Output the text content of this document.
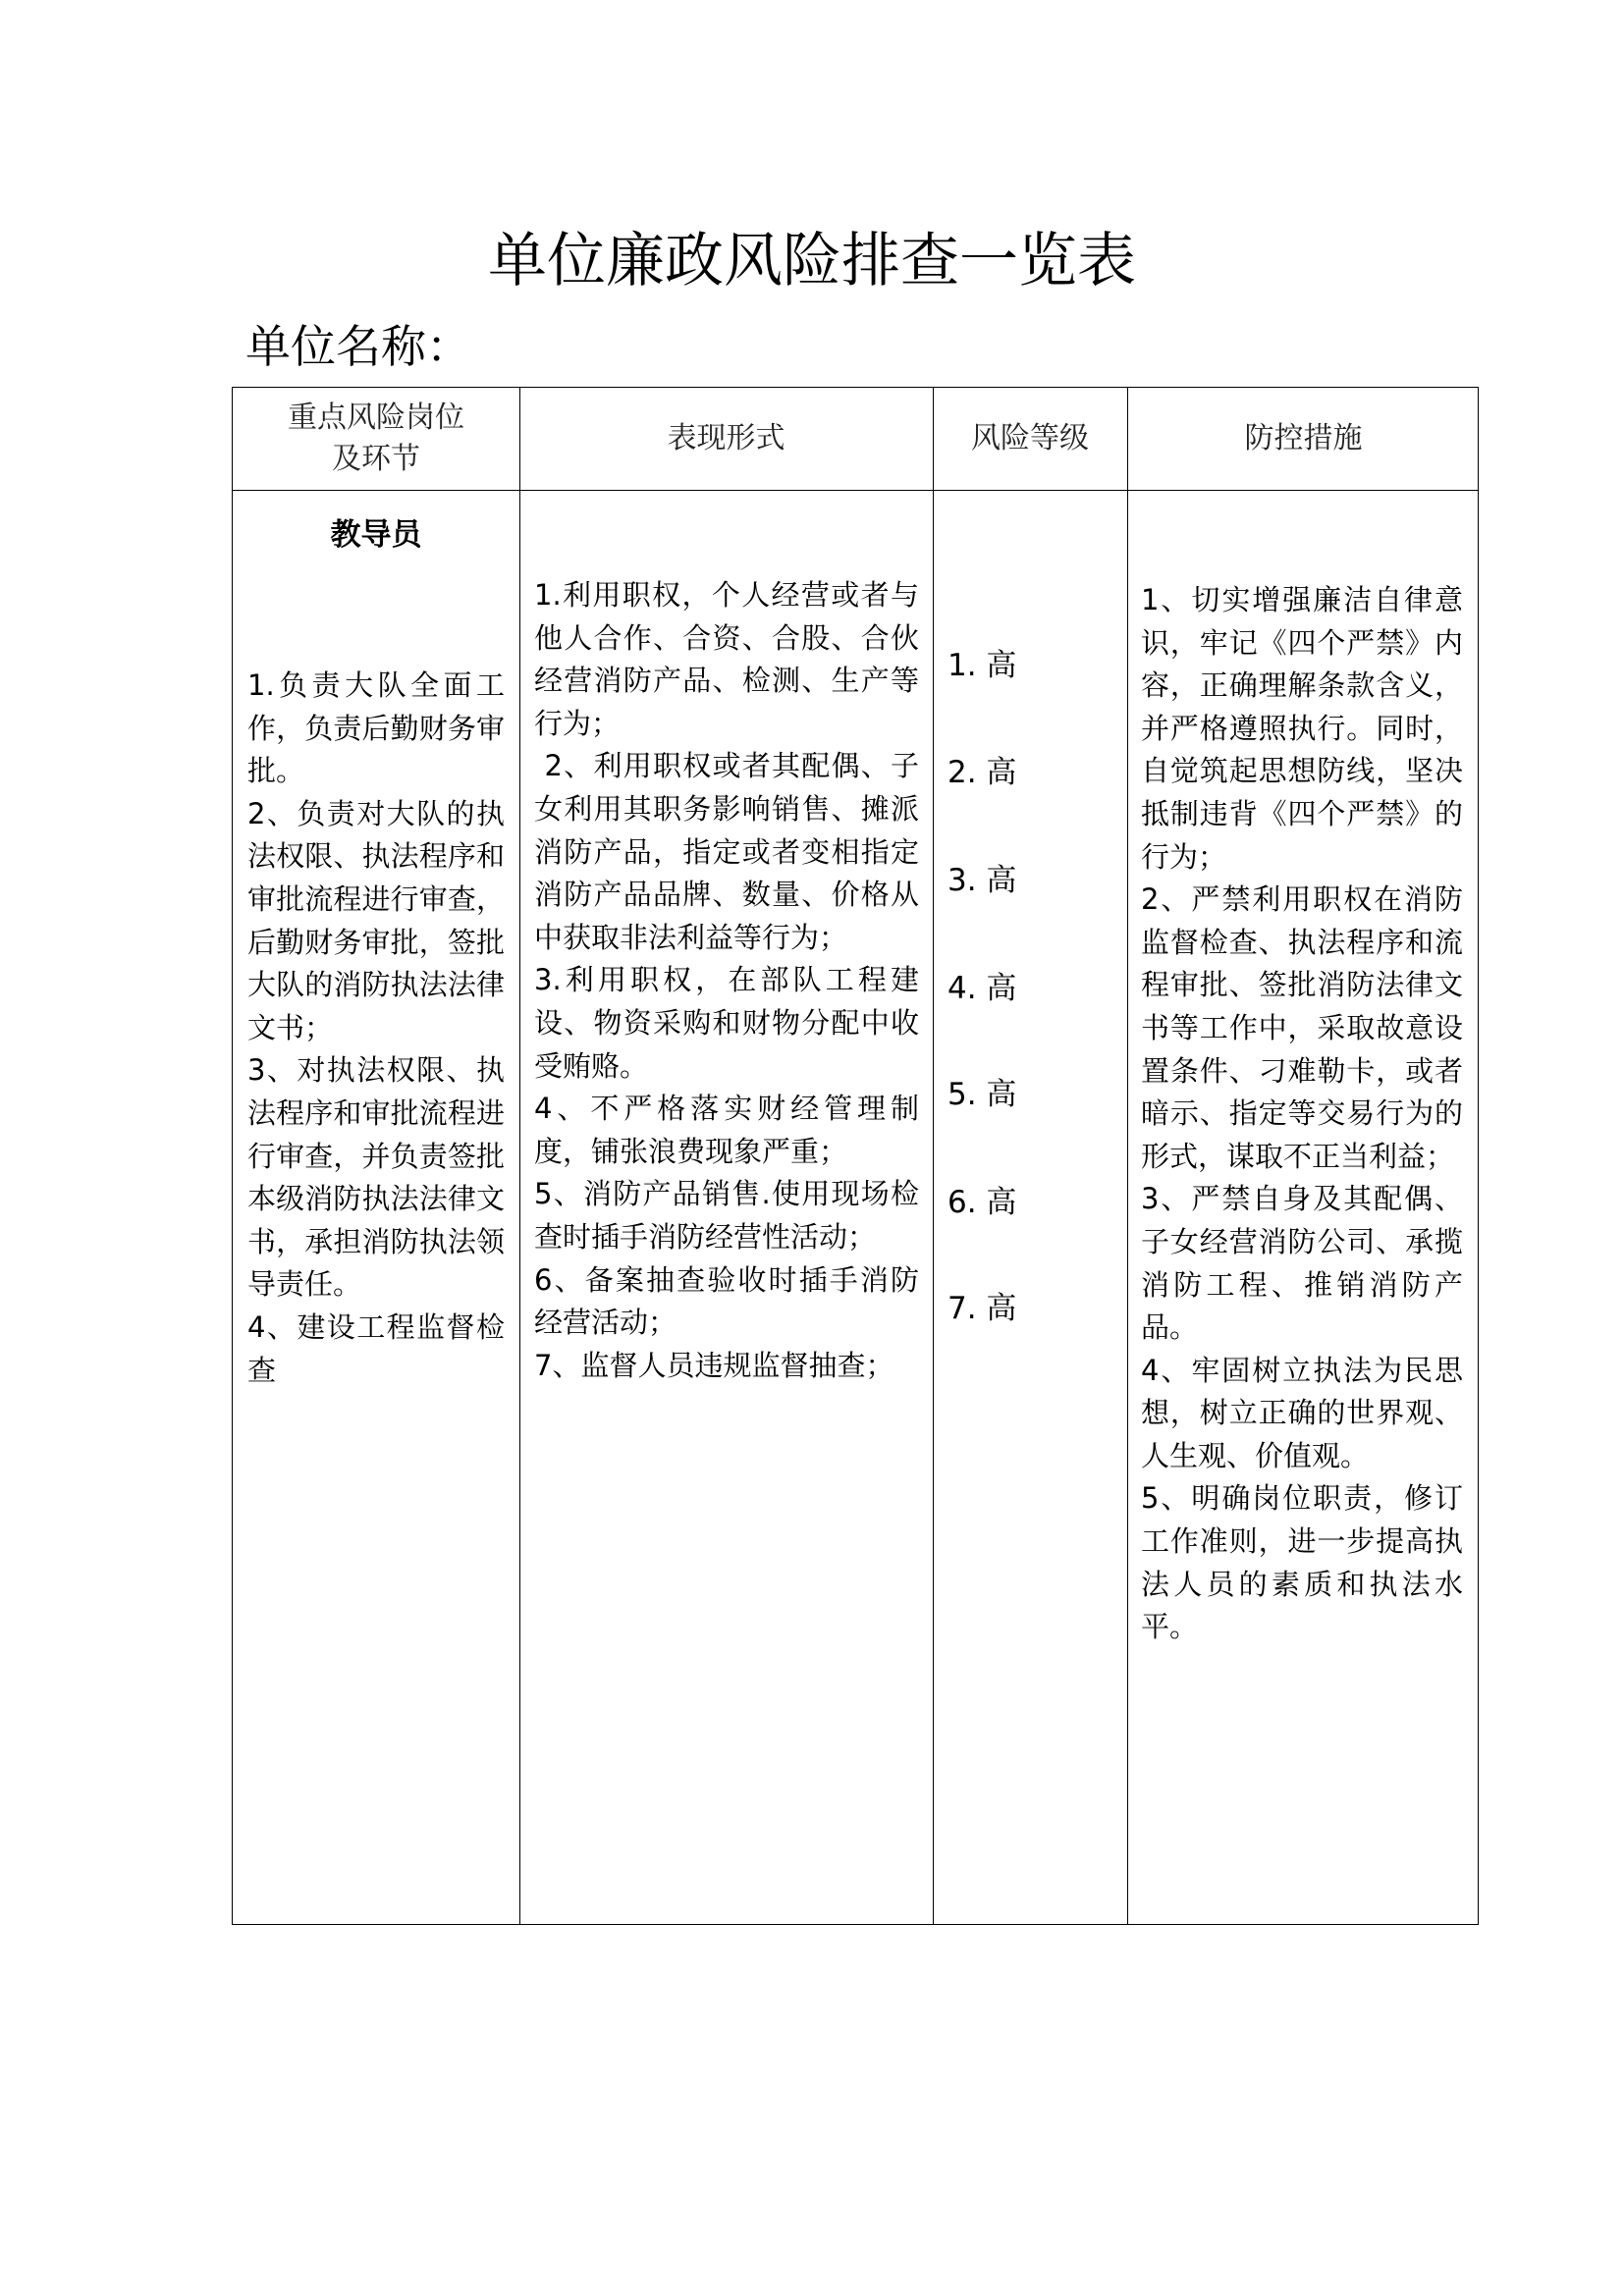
单位廉政风险排查一览表
单位名称：
重点风险岗位
及环节
表现形式	风险等级	防控措施
教导员

1.负责大队全面工作，负责后勤财务审批。

2、负责对大队的执法权限、执法程序和审批流程进行审查，后勤财务审批，签批大队的消防执法法律文书；

3、对执法权限、执法程序和审批流程进行审查，并负责签批本级消防执法法律文书，承担消防执法领导责任。

4、建设工程监督检查

1.利用职权，个人经营或者与他人合作、合资、合股、合伙经营消防产品、检测、生产等行为；

2、利用职权或者其配偶、子女利用其职务影响销售、摊派消防产品，指定或者变相指定消防产品品牌、数量、价格从中获取非法利益等行为；

3.利用职权，在部队工程建设、物资采购和财物分配中收受贿赂。

4、不严格落实财经管理制度，铺张浪费现象严重；

5、消防产品销售.使用现场检查时插手消防经营性活动；

6、备案抽查验收时插手消防经营活动；

7、监督人员违规监督抽查；

1. 高
2. 高
3. 高
4. 高
5. 高
6. 高
7. 高

1、切实增强廉洁自律意识，牢记《四个严禁》内容，正确理解条款含义，并严格遵照执行。同时，自觉筑起思想防线，坚决抵制违背《四个严禁》的行为；

2、严禁利用职权在消防监督检查、执法程序和流程审批、签批消防法律文书等工作中，采取故意设置条件、刁难勒卡，或者暗示、指定等交易行为的形式，谋取不正当利益；

3、严禁自身及其配偶、子女经营消防公司、承揽消防工程、推销消防产品。

4、牢固树立执法为民思想，树立正确的世界观、人生观、价值观。

5、明确岗位职责，修订工作准则，进一步提高执法人员的素质和执法水平。
